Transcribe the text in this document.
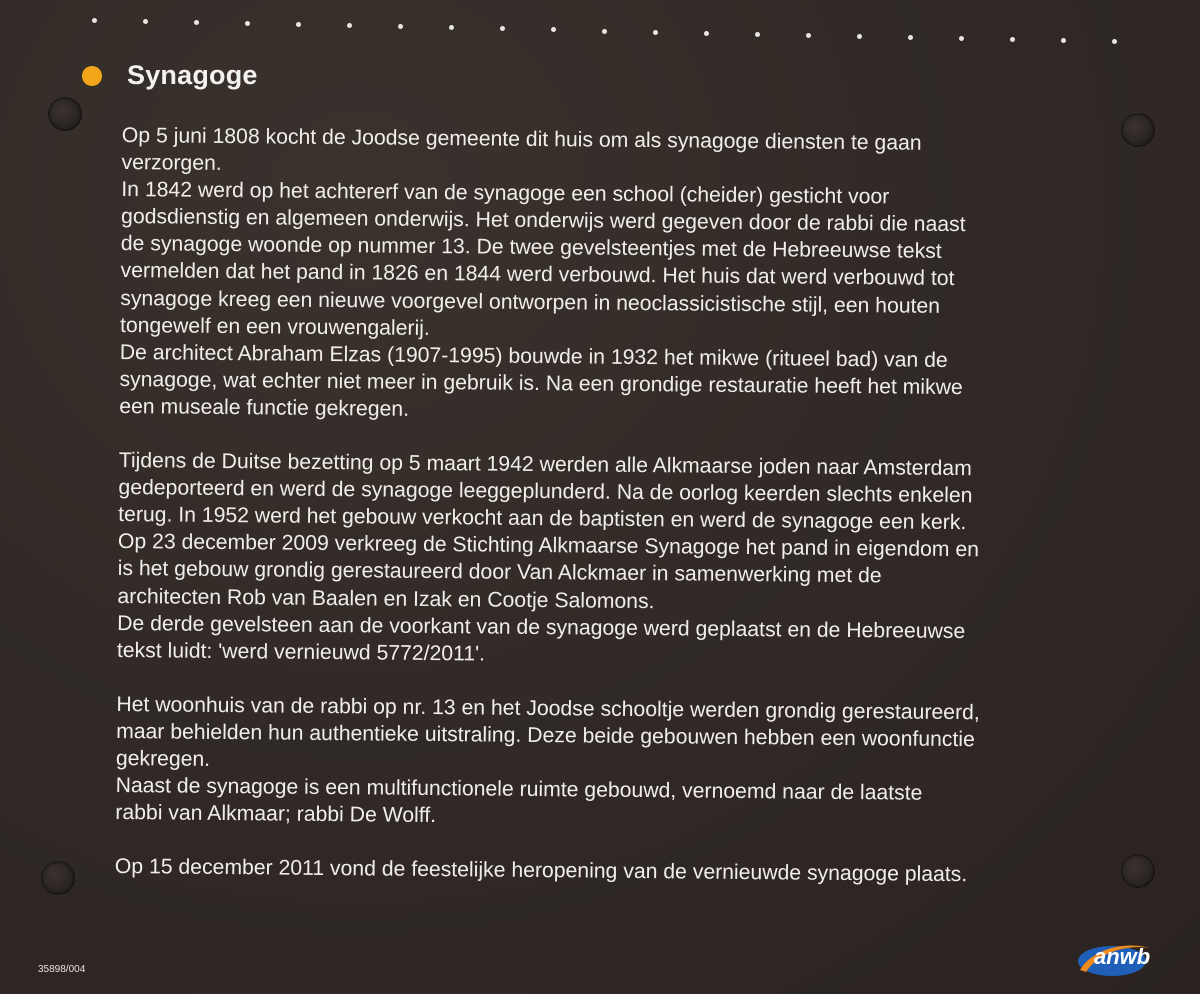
Synagoge

Op 5 juni 1808 kocht de Joodse gemeente dit huis om als synagoge diensten te gaan

verzorgen.

In 1842 werd op het achtererf van de synagoge een school (cheider) gesticht voor

godsdienstig en algemeen onderwijs. Het onderwijs werd gegeven door de rabbi die naast

de synagoge woonde op nummer 13. De twee gevelsteentjes met de Hebreeuwse tekst

vermelden dat het pand in 1826 en 1844 werd verbouwd. Het huis dat werd verbouwd tot

synagoge kreeg een nieuwe voorgevel ontworpen in neoclassicistische stijl, een houten

tongewelf en een vrouwengalerij.

De architect Abraham Elzas (1907-1995) bouwde in 1932 het mikwe (ritueel bad) van de

synagoge, wat echter niet meer in gebruik is. Na een grondige restauratie heeft het mikwe

een museale functie gekregen.

Tijdens de Duitse bezetting op 5 maart 1942 werden alle Alkmaarse joden naar Amsterdam

gedeporteerd en werd de synagoge leeggeplunderd. Na de oorlog keerden slechts enkelen

terug. In 1952 werd het gebouw verkocht aan de baptisten en werd de synagoge een kerk.

Op 23 december 2009 verkreeg de Stichting Alkmaarse Synagoge het pand in eigendom en

is het gebouw grondig gerestaureerd door Van Alckmaer in samenwerking met de

architecten Rob van Baalen en Izak en Cootje Salomons.

De derde gevelsteen aan de voorkant van de synagoge werd geplaatst en de Hebreeuwse

tekst luidt: 'werd vernieuwd 5772/2011'.

Het woonhuis van de rabbi op nr. 13 en het Joodse schooltje werden grondig gerestaureerd,

maar behielden hun authentieke uitstraling. Deze beide gebouwen hebben een woonfunctie

gekregen.

Naast de synagoge is een multifunctionele ruimte gebouwd, vernoemd naar de laatste

rabbi van Alkmaar; rabbi De Wolff.

Op 15 december 2011 vond de feestelijke heropening van de vernieuwde synagoge plaats.

35898/004
anwb
